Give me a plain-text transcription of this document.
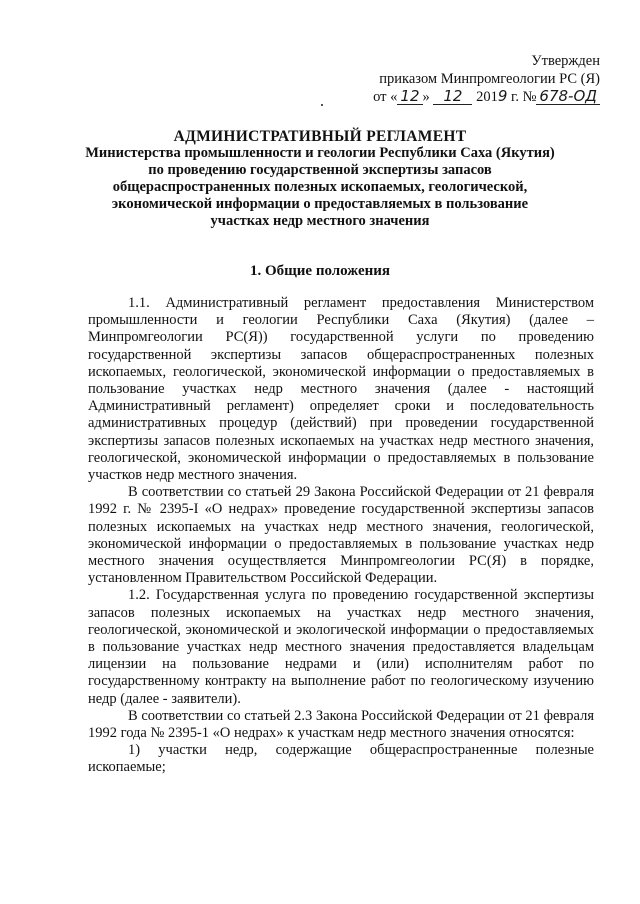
Утвержден
приказом Минпромгеологии РС (Я)
от « 12 » 12 2019 г. № 678-ОД
АДМИНИСТРАТИВНЫЙ РЕГЛАМЕНТ
Министерства промышленности и геологии Республики Саха (Якутия)
по проведению государственной экспертизы запасов
общераспространенных полезных ископаемых, геологической,
экономической информации о предоставляемых в пользование
участках недр местного значения
1. Общие положения

1.1. Административный регламент предоставления Министерством промышленности и геологии Республики Саха (Якутия) (далее – Минпромгеологии РС(Я)) государственной услуги по проведению государственной экспертизы запасов общераспространенных полезных ископаемых, геологической, экономической информации о предоставляемых в пользование участках недр местного значения (далее - настоящий Административный регламент) определяет сроки и последовательность административных процедур (действий) при проведении государственной экспертизы запасов полезных ископаемых на участках недр местного значения, геологической, экономической информации о предоставляемых в пользование участков недр местного значения.

В соответствии со статьей 29 Закона Российской Федерации от 21 февраля 1992 г. № 2395-I «О недрах» проведение государственной экспертизы запасов полезных ископаемых на участках недр местного значения, геологической, экономической информации о предоставляемых в пользование участках недр местного значения осуществляется Минпромгеологии РС(Я) в порядке, установленном Правительством Российской Федерации.

1.2. Государственная услуга по проведению государственной экспертизы запасов полезных ископаемых на участках недр местного значения, геологической, экономической и экологической информации о предоставляемых в пользование участках недр местного значения предоставляется владельцам лицензии на пользование недрами и (или) исполнителям работ по государственному контракту на выполнение работ по геологическому изучению недр (далее - заявители).

В соответствии со статьей 2.3 Закона Российской Федерации от 21 февраля 1992 года № 2395-1 «О недрах» к участкам недр местного значения относятся:

1) участки недр, содержащие общераспространенные полезные ископаемые;
